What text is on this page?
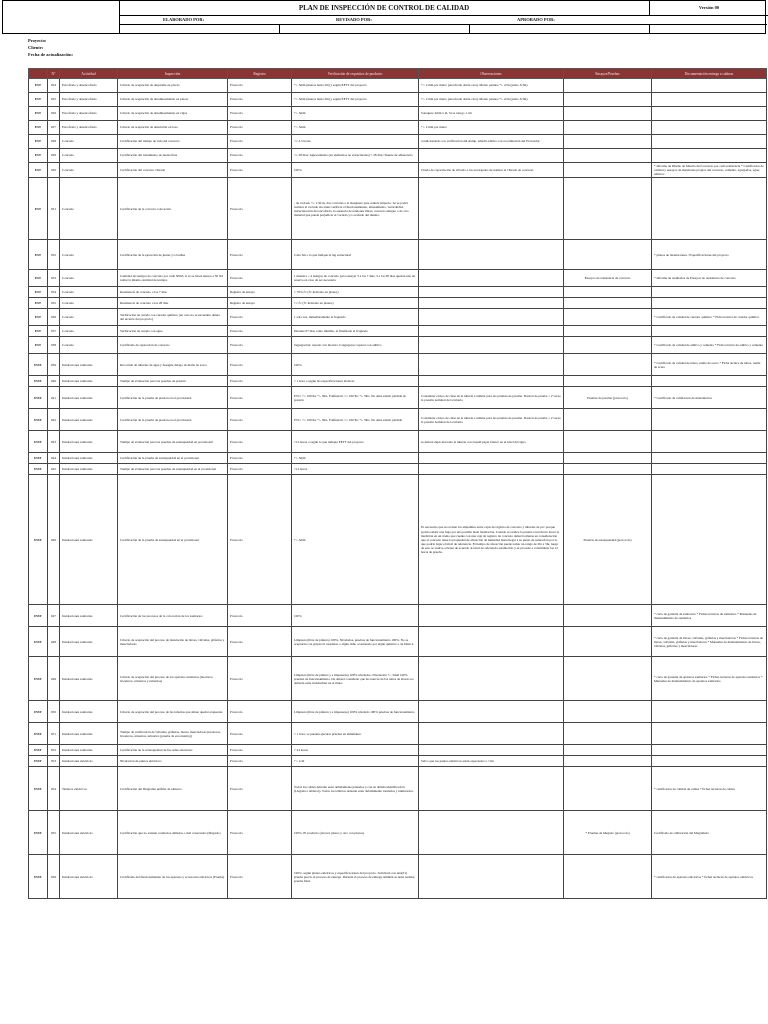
PLAN DE INSPECCIÓN DE CONTROL DE CALIDAD	Versión 00
ELABORADO POR:	REVISADO POR:	APROBADO POR:
Proyecto:
Cliente:
Fecha de actualización:
	N°	Actividad	Inspección	Registro	Verificación de requisitos de producto	Observaciones	Ensayos/Pruebas	Documentación entrega a cabinas
EST	024	Encofrado y desencofrado	Criterio de aceptación de desplome en placas	Protocolo	+/- 5mm (menos hasta 3m) y según EETT del proyecto	+/- 2 mm por metro (encofrado doble cara). Monto pandeo +/- 2cm (pulso 3cfm)		
EST	025	Encofrado y desencofrado	Criterio de aceptación de desalineamiento en placas	Protocolo	+/- 5mm (menos hasta 3m) y según EETT del proyecto	+/- 2 mm por metro (encofrado doble cara). Monto pandeo +/- 2cm (pulso 3cfm)		
EST	026	Encofrado y desencofrado	Criterio de aceptación de desalineamiento en vigas	Protocolo	+/- 5mm	Soleques: 2mm x m. Si se tarugo 1 cm		
EST	027	Encofrado y desencofrado	Criterio de aceptación de desnivelar en losa	Protocolo	+/- 5mm	+/- 2 mm por metro		
EST	028	Concreto	Certificación del tiempo de vida del concreto	Protocolo	<= 2.5 horas	condicionando a la verificación del slump. Añadir aditivo con coordinación del Proveedor.		
EST	029	Concreto	Certificación del tratamiento de juntas frías	Protocolo	<= 28 días: Aguacemento (en elementos no estructurales) > 28 días: Puente de adherencia			
EST	030	Concreto	Certificación del concreto vibrado	Protocolo	100%	Charla de capacitación de vibrado a los encargados de realizar el vibrado de concreto.		* Informe de Diseño de Mezcla del Concreto por cada resistencia * Certificados de calidad y ensayos de materiales propios del concreto, cemento, agregados, agua, aditivos
EST	031	Concreto	Certificación de la correcta colocación	Protocolo	- de vaciado <= 1.50 m, dos corvettas a la manguera para reducir impacto. Se se podrá realizar el vaciado sin antes verificar el funcionamiento, alineamiento, verticalidad, estructuración del encofrado, la ausencia de tendones libres, concreto antiguo o de otro material que pueda perjudicar el vaciado y/o acabado del mismo.			
EST	032	Concreto	Certificación de la ejecución de juntas y/o bruñas	Protocolo	Cada 3m o lo que indique el ing estructural			* planos de instalaciones / Especificaciones del proyecto
EST	033	Concreto	Cantidad de testigos de concreto por cada 50m3, si es se hicen menos a 50 m3 tomar la misma cantidad de testigos	Protocolo	1 muestra = 4 testigos de concreto para ensayar 3 a los 7 días, 3 a los 28 días quedan uno en reserva en caso de ser necesario		Ensayos de resistencia de concreto	* Informe de resultados de Ensayos de resistencia de concreto
EST	034	Concreto	Resistencia de concreto a los 7 días	Registro de ensayo	> 70% f'c (f'c indicado en planos)			
EST	035	Concreto	Resistencia de concreto a los 28 días	Registro de ensayo	>= f'c (f'c indicado en planos)			
EST	036	Concreto	Verificación de curado con curador químico (en caso no se encuentre dentro del alcance del proyecto)	Protocolo	1 sola vez, inmediatamente al fraguado			* Certificado de calidad de curador químico * Ficha técnica de curador químico
EST	037	Concreto	Verificación de curado con agua	Protocolo	Durante 07 días como mínimo, al finalizado el fraguado			
EST	038	Concreto	Certificado de reparación de concreto	Protocolo	Segregación: reparar con mortero Cangrejeras: reparar con aditivo			* Certificado de calidad de aditivo y cemento * Ficha técnica de aditivo y cemento
INST	039	Instalaciones sanitarias	Recorrido de tuberías de agua y desagüe debajo de malla de acero	Protocolo	100%			* Certificado de calidad de tubos, ruella de acero * Ficha técnica de tubos, ruella de acero
INST	040	Instalaciones sanitarias	Tiempo de evaluación para las pruebas de presión	Protocolo	> 1 hora o según las especificaciones técnicas			
INST	041	Instalaciones sanitarias	Certificación de la prueba de presión en el provisional	Protocolo	PVC: >= 100 lbs +/- 5lbs. Polifusión: >= 100 lbs +/- 5lbs. No debe existir pérdida de presión	Considerar el tipo de clase de la tubería a utilizar para las pruebas de presión. Presión de prueba = 2 veces la presión nominal de la tubería	Pruebas de presión (protocolo)	* Certificado de calibración de manómetros
INST	042	Instalaciones sanitarias	Certificación de la prueba de presión en el provisional	Protocolo	PVC: >= 100 lbs +/- 5lbs. Polifusión: >= 100 lbs +/- 5lbs. No debe existir pérdida	Considerar el tipo de clase de la tubería a utilizar para las pruebas de presión. Presión de prueba = 2 veces la presión nominal de la tubería		
INST	043	Instalaciones sanitarias	Tiempo de evaluación para las pruebas de estanqueidad en provisional	Protocolo	>12 horas o según lo que indique EETT del proyecto	se deberá dejar marcado la tubería con Liquid paper blanco en el nivel del agua		
INST	044	Instalaciones sanitarias	Certificación de la prueba de estanqueidad en el provisional	Protocolo	+/- 5mm			
INST	045	Instalaciones sanitarias	Tiempo de evaluación para las pruebas de estanqueidad en el provisional	Protocolo	>12 horas			
INST	046	Instalaciones sanitarias	Certificación de la prueba de estanqueidad en el provisional	Protocolo	+/- 5mm	Es necesario que se revisen los empalmes entre cajas de registro de concreto y tuberías de pvc porque podría existir una fuga por una posible mala instalación. Cuando se realice la prueba e involucre hacer la medición en un tramo que cuente con una caja de registro de concreto deberá tomarse en consideración que el concreto tiene la propiedad de absorción de humedad hasta llegar a su punto de saturación por lo que podría bajar el nivel de referencia. El tiempo de absorción puede tomar un rango de 2hr a 3hr, luego de esto se vuelve a llenar de acuerdo al nivel de referencia establecido y se procede a contabilizar las 12 horas de prueba.	Pruebas de estanqueidad (protocolo)	
INST	047	Instalaciones sanitarias	Certificación de los procesos de la colocación de los sanitarios	Protocolo	100%			* carta de garantía de sanitarios * Fichas técnicas de sanitarios * Manuales de mantenimiento de sanitarios
INST	048	Instalaciones sanitarias	Criterio de aceptación del proceso de instalación de llaves, válvulas, griferías y mezcladoras	Protocolo	Limpieza (libre de pintura) 100%. Nivelados, pruebas de funcionamiento 100%. No se aceptarán con golpes ni rasaduras o algún daño ocasionado por algún químico o de fábrica.			* carta de garantía de llaves, válvulas, griferías y mezcladoras * Fichas técnicas de llaves, válvulas, griferías y mezcladoras * Manuales de mantenimiento de llaves, válvulas, griferías y mezcladoras
INST	049	Instalaciones sanitarias	Criterio de aceptación del proceso de los aparatos sanitarios (inodoros, lavaderos, urinarios y urinarios)	Protocolo	Limpieza (libre de pintura y e impurezas) 100% nivelados, Nivelación +/- 5mm 100% pruebas de funcionamiento. De deberá considerar que las tuercas de los tubos de abasto no deberán estar moldeables en el muro.			* carta de garantía de aparatos sanitarios * Fichas técnicas de aparatos sanitarios * Manuales de mantenimiento de aparatos sanitarios
INST	050	Instalaciones sanitarias	Criterio de aceptación del proceso de las tuberías que deben quedar expuestas	Protocolo	Limpieza (libre de pintura y e impurezas) 100% nivelado 100% pruebas de funcionamiento			
INST	051	Instalaciones sanitarias	Tiempo de verificación de válvulas, griferías, llaves, mezcladoras (inodoros, lavaderos, urinarios, urinarios (prueba de escorrentía))	Protocolo	> 1 hora, se pueden ejecutar pruebas en simultáneo			
INST	052	Instalaciones sanitarias	Certificación de la estanqueidad de las redes exteriores	Protocolo	> 24 horas			
INST	053	Instalaciones eléctricas	Nivelación de puntos eléctricos	Protocolo	+/- 1cm	Salvo que los puntos eléctricos estén espaciados a <1m		
INST	054	Tableros eléctricos	Certificación del Diagrama unifilar de tableros	Protocolo	Todos los cables deberán estar debidamente peinados y con su debida identificación (Llegada a tableros). Todos los tableros deberán estar debidamente rotulados y numerados.			* certificados de calidad de cables * fichas técnicas de cables
INST	055	Instalaciones eléctricas	Certificación que no existen conductos dañados o mal conectados (Megado)	Protocolo	100%. El producto (sin tres plazos y otro con plazos)		* Pruebas de Megado (protocolo)	Certificado de calibración del Megómetro
INST	056	Instalaciones eléctricas	Certificado del funcionamiento de los aparatos y accesorios eléctricos (Prueba)	Protocolo	100%, según planos eléctricos y especificaciones del proyecto. Solicitará con una(01) prueba previo al proceso de entrega. Durante el proceso de entrega también se debe realizar prueba final.			* certificados de aparatos eléctricos * fichas técnicas de aparatos eléctricos
